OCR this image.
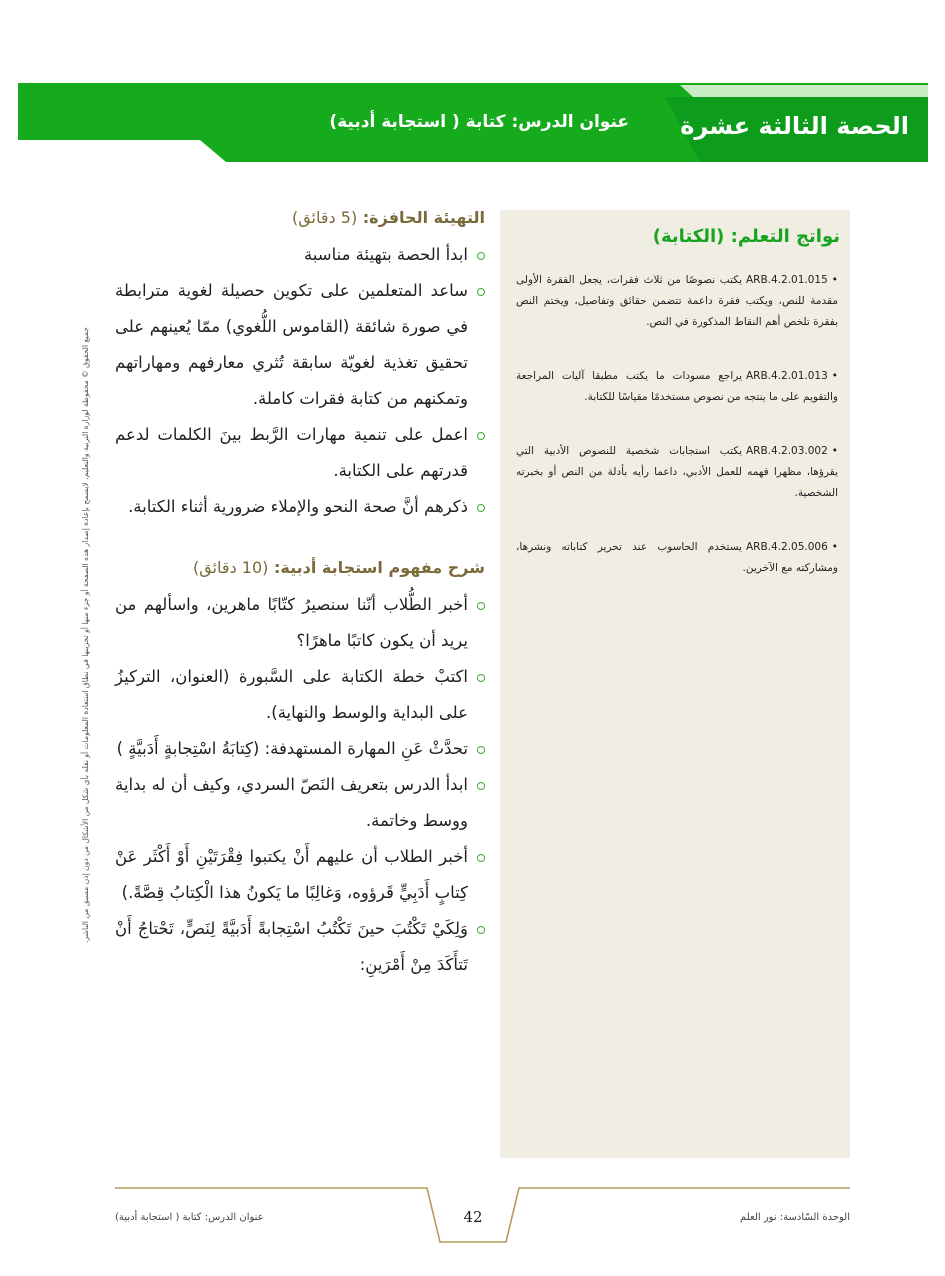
الحصة الثالثة عشرة
عنوان الدرس: كتابة ( استجابة أدبية)
نواتج التعلم: (الكتابة)
•ARB.4.2.01.015يكتب نصوصًا من ثلاث فقرات، يجعل الفقرة الأولى مقدمة للنص، ويكتب فقرة داعمة تتضمن حقائق وتفاصيل، ويختم النص بفقرة تلخص أهم النقاط المذكورة في النص.
•ARB.4.2.01.013يراجع مسودات ما يكتب مطبقا آليات المراجعة والتقويم على ما ينتجه من نصوص مستخدمًا مقياسًا للكتابة.
•ARB.4.2.03.002يكتب استجابات شخصية للنصوص الأدبية التي يقرؤها، مظهرا فهمه للعمل الأدبي، داعما رأيه بأدلة من النص أو بخبرته الشخصية.
•ARB.4.2.05.006يستخدم الحاسوب عند تحرير كتاباته ونشرها، ومشاركته مع الآخرين.
جميع الحقوق © محفوظة لوزارة التربية والتعليم. لايسمح بإعادة إصدار هذه الصفحة أو جزء منها أو تخزينها في نطاق استعادة المعلومات أو نقله بأي شكل من الأشكال من دون إذن مسبق من الناشر.
التهيئة الحافزة: (5 دقائق)
ابدأ الحصة بتهيئة مناسبة
ساعد المتعلمين على تكوين حصيلة لغوية مترابطة في صورة شائقة (القاموس اللُّغوي) ممّا يُعينهم على تحقيق تغذية لغويّة سابقة تُثري معارفهم ومهاراتهم وتمكنهم من كتابة فقرات كاملة.
اعمل على تنمية مهارات الرَّبط بينَ الكلمات لدعم قدرتهم على الكتابة.
ذكرهم أنَّ صحة النحو والإملاء ضرورية أثناء الكتابة.
شرح مفهوم استجابة أدبية: (10 دقائق)
أخبر الطُّلاب أنّنا سنصيرُ كتّابًا ماهرين، واسألهم من يريد أن يكون كاتبًا ماهرًا؟
اكتبْ خطة الكتابة على السَّبورة (العنوان، التركيزُ على البداية والوسط والنهاية).
تحدَّثْ عَنِ المهارة المستهدفة: (كِتابَةُ اسْتِجابةٍ أَدَبيَّةٍ )
ابدأ الدرس بتعريف النَصّ السردي، وكيف أن له بداية ووسط وخاتمة.
أخبر الطلاب أن عليهم أَنْ يكتبوا فِقْرَتَيْنِ أَوْ أَكْثَر عَنْ كِتابٍ أَدَبِيٍّ قَرؤوه، وَغالِبًا ما يَكونُ هذا الْكِتابُ قِصَّةً.)
وَلِكَيْ تَكْتُبَ حينَ تَكْتُبُ اسْتِجابةً أَدَبيَّةً لِنَصٍّ، تَحْتاجُ أَنْ تَتأَكَدَ مِنْ أَمْرَينِ:
42	الوحدة السّادسة: نور العلم
عنوان الدرس: كتابة ( استجابة أدبية)
